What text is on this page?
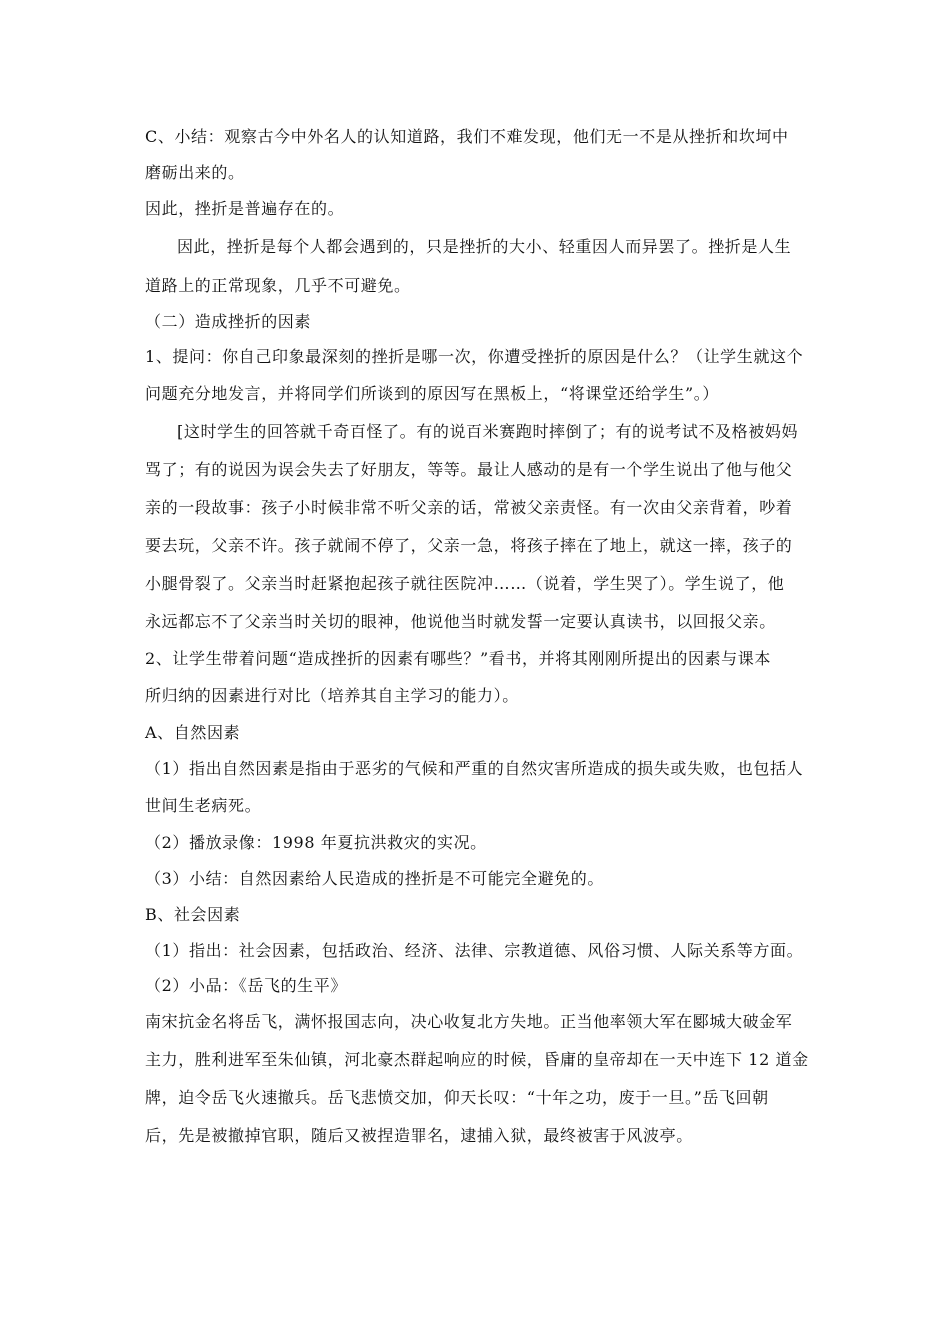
C、小结：观察古今中外名人的认知道路，我们不难发现，他们无一不是从挫折和坎坷中
磨砺出来的。
因此，挫折是普遍存在的。
因此，挫折是每个人都会遇到的，只是挫折的大小、轻重因人而异罢了。挫折是人生
道路上的正常现象，几乎不可避免。
（二）造成挫折的因素
1、提问：你自己印象最深刻的挫折是哪一次，你遭受挫折的原因是什么？（让学生就这个
问题充分地发言，并将同学们所谈到的原因写在黑板上，“将课堂还给学生”。）
[这时学生的回答就千奇百怪了。有的说百米赛跑时摔倒了；有的说考试不及格被妈妈
骂了；有的说因为误会失去了好朋友，等等。最让人感动的是有一个学生说出了他与他父
亲的一段故事：孩子小时候非常不听父亲的话，常被父亲责怪。有一次由父亲背着，吵着
要去玩，父亲不许。孩子就闹不停了，父亲一急，将孩子摔在了地上，就这一摔，孩子的
小腿骨裂了。父亲当时赶紧抱起孩子就往医院冲……（说着，学生哭了）。学生说了，他
永远都忘不了父亲当时关切的眼神，他说他当时就发誓一定要认真读书，以回报父亲。
2、让学生带着问题“造成挫折的因素有哪些？”看书，并将其刚刚所提出的因素与课本
所归纳的因素进行对比（培养其自主学习的能力）。
A、自然因素
（1）指出自然因素是指由于恶劣的气候和严重的自然灾害所造成的损失或失败，也包括人
世间生老病死。
（2）播放录像：1998 年夏抗洪救灾的实况。
（3）小结：自然因素给人民造成的挫折是不可能完全避免的。
B、社会因素
（1）指出：社会因素，包括政治、经济、法律、宗教道德、风俗习惯、人际关系等方面。
（2）小品：《岳飞的生平》
南宋抗金名将岳飞，满怀报国志向，决心收复北方失地。正当他率领大军在郾城大破金军
主力，胜利进军至朱仙镇，河北豪杰群起响应的时候，昏庸的皇帝却在一天中连下 12 道金
牌，迫令岳飞火速撤兵。岳飞悲愤交加，仰天长叹：“十年之功，废于一旦。”岳飞回朝
后，先是被撤掉官职，随后又被捏造罪名，逮捕入狱，最终被害于风波亭。
